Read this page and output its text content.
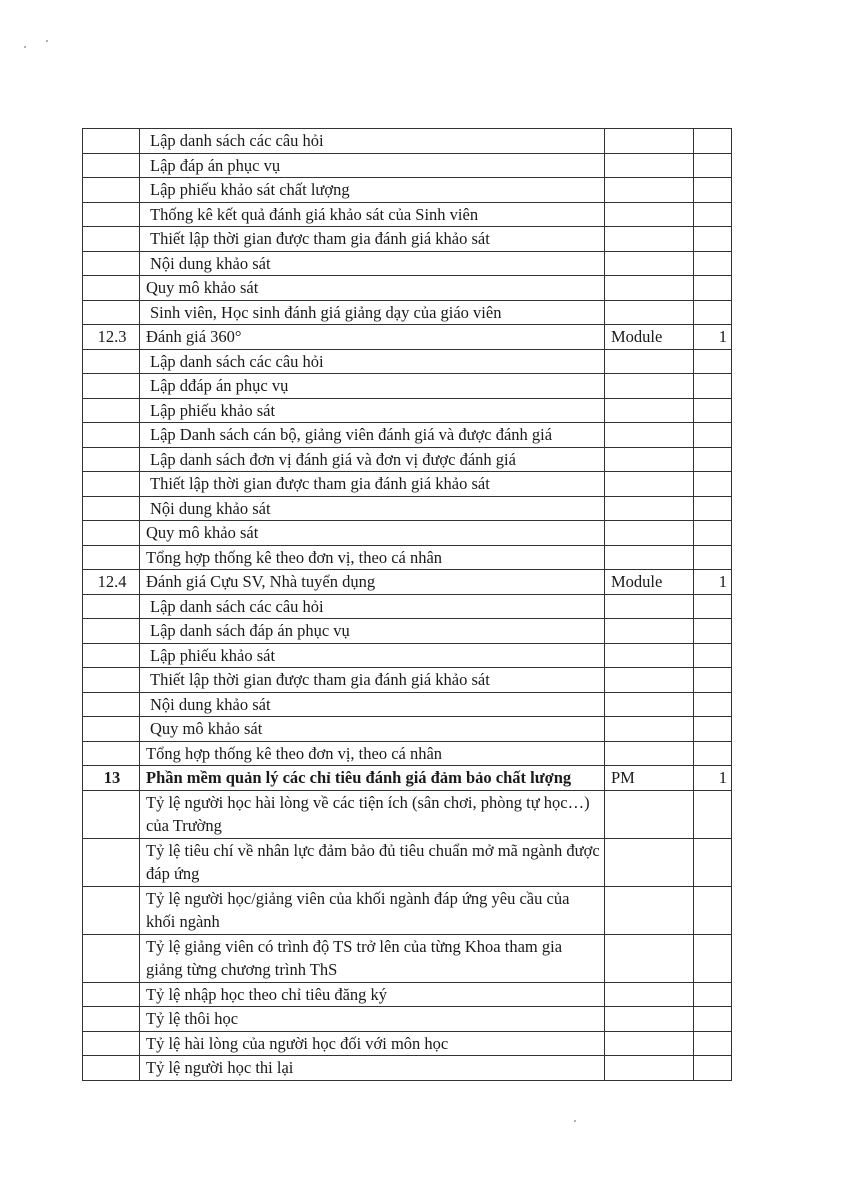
	Lập danh sách các câu hỏi		
	Lập đáp án phục vụ		
	Lập phiếu khảo sát chất lượng		
	Thống kê kết quả đánh giá khảo sát của Sinh viên		
	Thiết lập thời gian được tham gia đánh giá khảo sát		
	Nội dung khảo sát		
	Quy mô khảo sát		
	Sinh viên, Học sinh đánh giá giảng dạy của giáo viên		
12.3	Đánh giá 360°	Module	1
	Lập danh sách các câu hỏi		
	Lập dđáp án phục vụ		
	Lập phiếu khảo sát		
	Lập Danh sách cán bộ, giảng viên đánh giá và được đánh giá		
	Lập danh sách đơn vị đánh giá và đơn vị được đánh giá		
	Thiết lập thời gian được tham gia đánh giá khảo sát		
	Nội dung khảo sát		
	Quy mô khảo sát		
	Tổng hợp thống kê theo đơn vị, theo cá nhân		
12.4	Đánh giá Cựu SV, Nhà tuyển dụng	Module	1
	Lập danh sách các câu hỏi		
	Lập danh sách đáp án phục vụ		
	Lập phiếu khảo sát		
	Thiết lập thời gian được tham gia đánh giá khảo sát		
	Nội dung khảo sát		
	Quy mô khảo sát		
	Tổng hợp thống kê theo đơn vị, theo cá nhân		
13	Phần mềm quản lý các chỉ tiêu đánh giá đảm bảo chất lượng	PM	1
	Tỷ lệ người học hài lòng về các tiện ích (sân chơi, phòng tự học…) của Trường		
	Tỷ lệ tiêu chí về nhân lực đảm bảo đủ tiêu chuẩn mở mã ngành được đáp ứng		
	Tỷ lệ người học/giảng viên của khối ngành đáp ứng yêu cầu của khối ngành		
	Tỷ lệ giảng viên có trình độ TS trở lên của từng Khoa tham gia giảng từng chương trình ThS		
	Tỷ lệ nhập học theo chỉ tiêu đăng ký		
	Tỷ lệ thôi học		
	Tỷ lệ hài lòng của người học đối với môn học		
	Tỷ lệ người học thi lại		
